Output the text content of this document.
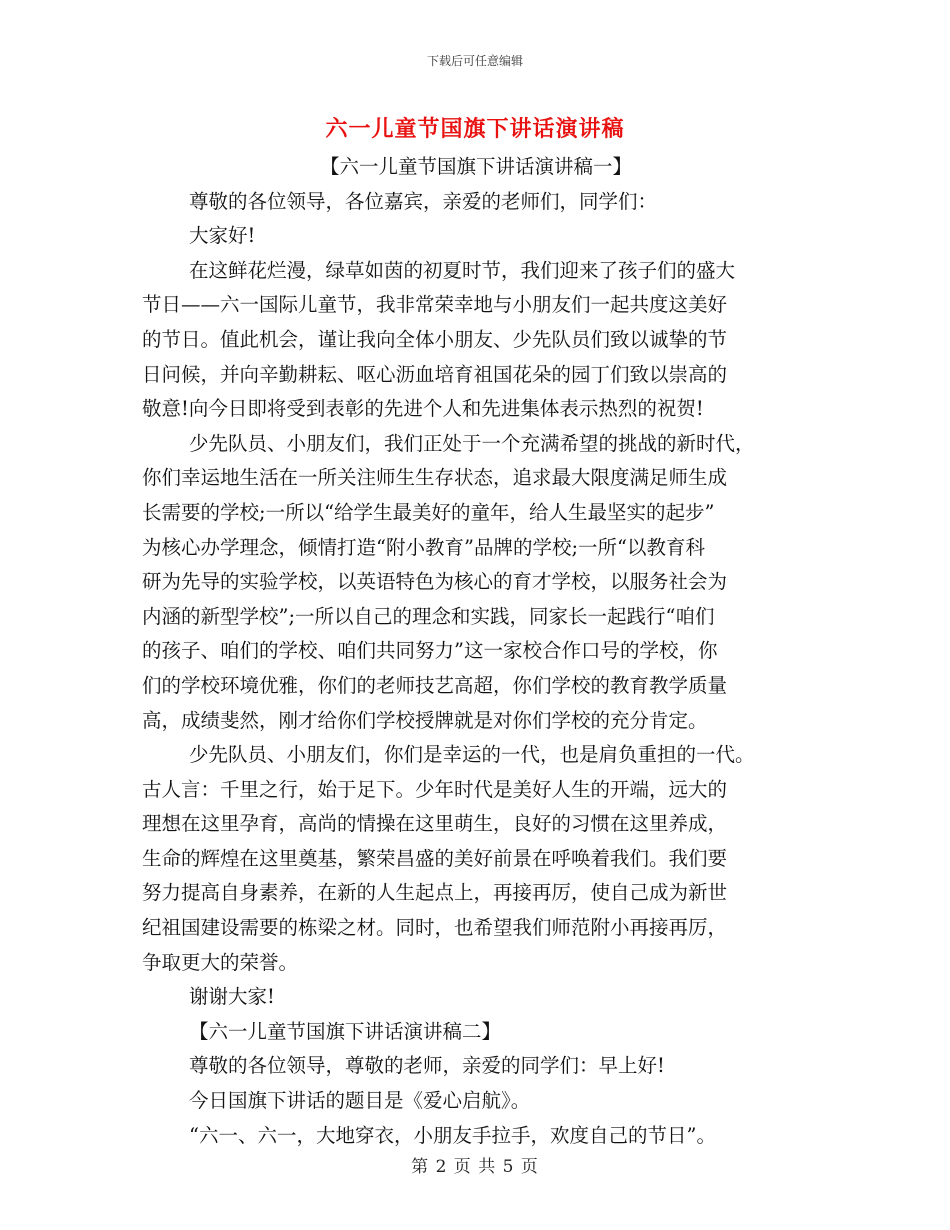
下载后可任意编辑
六一儿童节国旗下讲话演讲稿

【六一儿童节国旗下讲话演讲稿一】

尊敬的各位领导，各位嘉宾，亲爱的老师们，同学们：

大家好!

在这鲜花烂漫，绿草如茵的初夏时节，我们迎来了孩子们的盛大

节日——六一国际儿童节，我非常荣幸地与小朋友们一起共度这美好

的节日。值此机会，谨让我向全体小朋友、少先队员们致以诚挚的节

日问候，并向辛勤耕耘、呕心沥血培育祖国花朵的园丁们致以崇高的

敬意!向今日即将受到表彰的先进个人和先进集体表示热烈的祝贺!

少先队员、小朋友们，我们正处于一个充满希望的挑战的新时代，

你们幸运地生活在一所关注师生生存状态，追求最大限度满足师生成

长需要的学校;一所以“给学生最美好的童年，给人生最坚实的起步”

为核心办学理念，倾情打造“附小教育”品牌的学校;一所“以教育科

研为先导的实验学校，以英语特色为核心的育才学校，以服务社会为

内涵的新型学校”;一所以自己的理念和实践，同家长一起践行“咱们

的孩子、咱们的学校、咱们共同努力”这一家校合作口号的学校，你

们的学校环境优雅，你们的老师技艺高超，你们学校的教育教学质量

高，成绩斐然，刚才给你们学校授牌就是对你们学校的充分肯定。

少先队员、小朋友们，你们是幸运的一代，也是肩负重担的一代。

古人言：千里之行，始于足下。少年时代是美好人生的开端，远大的

理想在这里孕育，高尚的情操在这里萌生，良好的习惯在这里养成，

生命的辉煌在这里奠基，繁荣昌盛的美好前景在呼唤着我们。我们要

努力提高自身素养，在新的人生起点上，再接再厉，使自己成为新世

纪祖国建设需要的栋梁之材。同时，也希望我们师范附小再接再厉，

争取更大的荣誉。

谢谢大家!

【六一儿童节国旗下讲话演讲稿二】

尊敬的各位领导，尊敬的老师，亲爱的同学们：早上好!

今日国旗下讲话的题目是《爱心启航》。

“六一、六一，大地穿衣，小朋友手拉手，欢度自己的节日”。

第 2 页 共 5 页
